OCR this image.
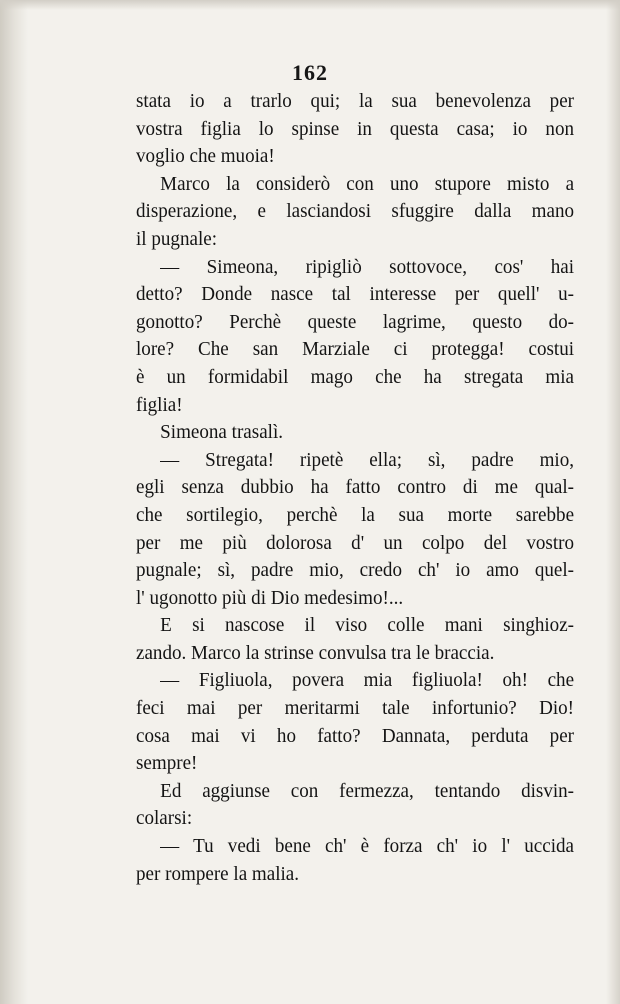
162
stata io a trarlo qui; la sua benevolenza per
vostra figlia lo spinse in questa casa; io non
voglio che muoia!
Marco la considerò con uno stupore misto a
disperazione, e lasciandosi sfuggire dalla mano
il pugnale:
— Simeona, ripigliò sottovoce, cos' hai
detto? Donde nasce tal interesse per quell' u-
gonotto? Perchè queste lagrime, questo do-
lore? Che san Marziale ci protegga! costui
è un formidabil mago che ha stregata mia
figlia!
Simeona trasalì.
— Stregata! ripetè ella; sì, padre mio,
egli senza dubbio ha fatto contro di me qual-
che sortilegio, perchè la sua morte sarebbe
per me più dolorosa d' un colpo del vostro
pugnale; sì, padre mio, credo ch' io amo quel-
l' ugonotto più di Dio medesimo!...
E si nascose il viso colle mani singhioz-
zando. Marco la strinse convulsa tra le braccia.
— Figliuola, povera mia figliuola! oh! che
feci mai per meritarmi tale infortunio? Dio!
cosa mai vi ho fatto? Dannata, perduta per
sempre!
Ed aggiunse con fermezza, tentando disvin-
colarsi:
— Tu vedi bene ch' è forza ch' io l' uccida
per rompere la malia.
